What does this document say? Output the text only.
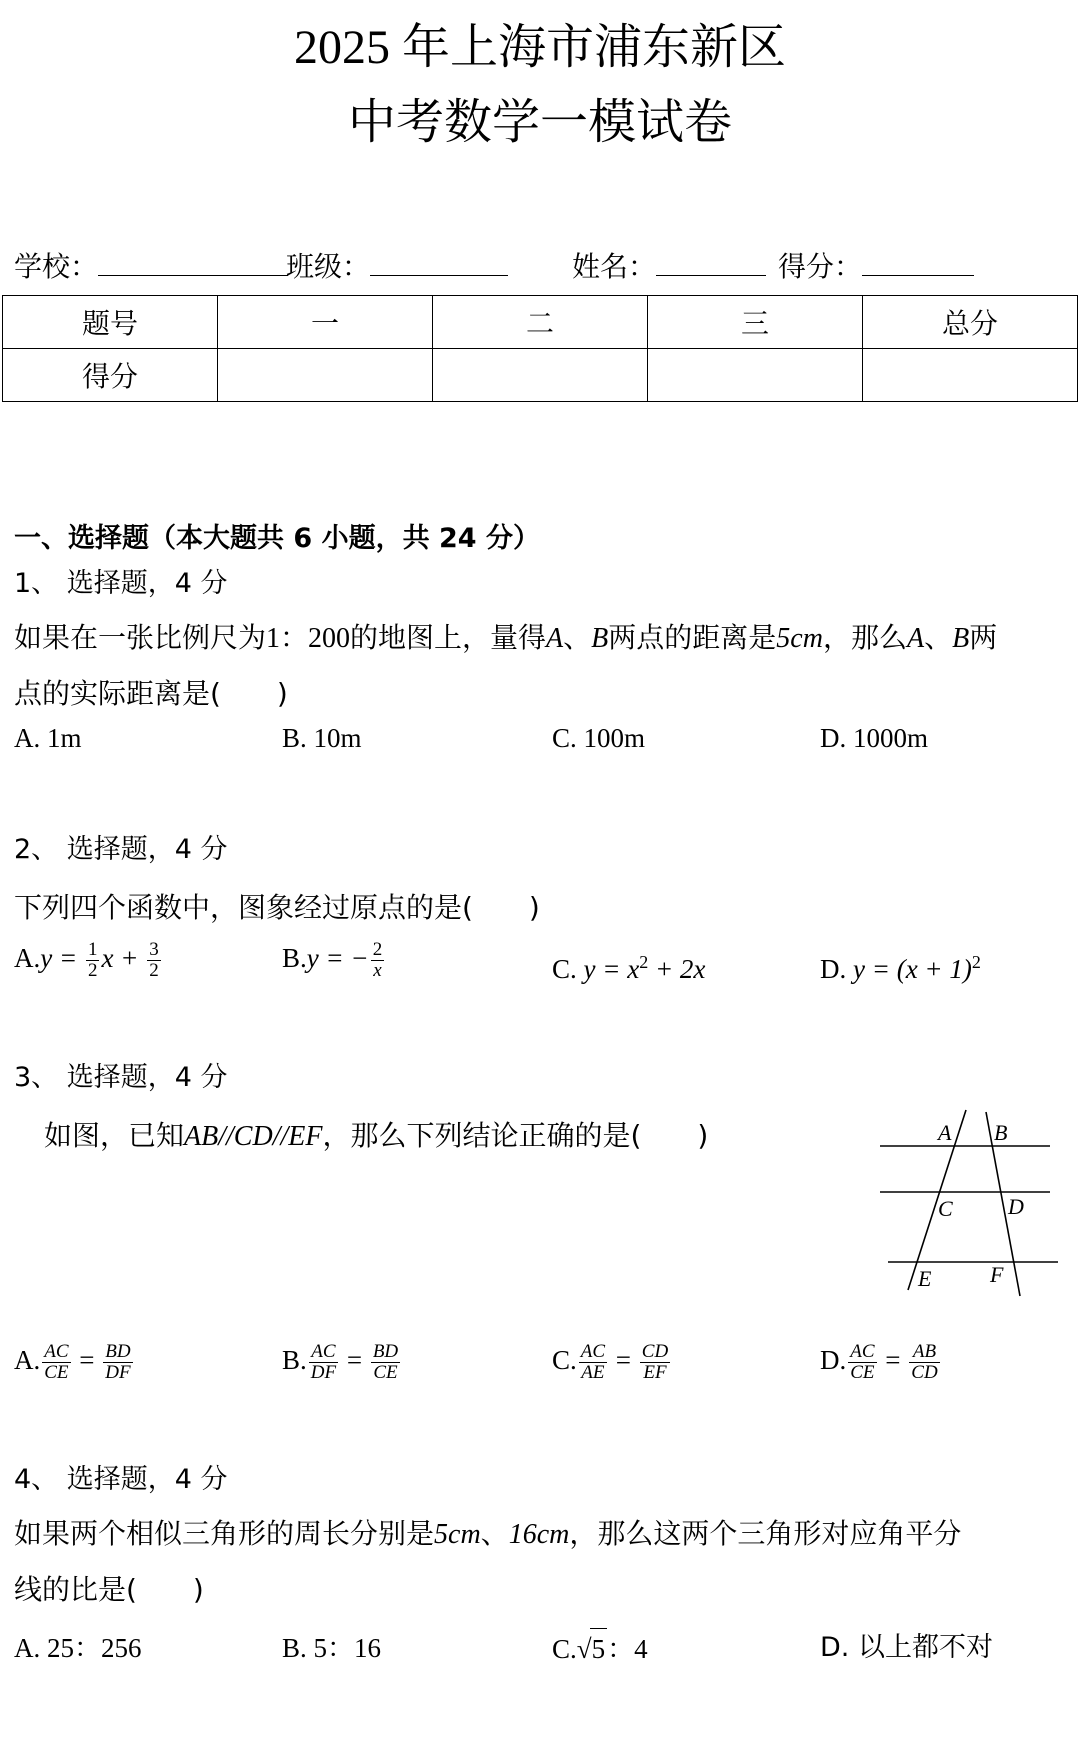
2025 年上海市浦东新区
中考数学一模试卷
学校：	班级：	姓名：	得分：
题号	一	二	三	总分
得分				
一、选择题（本大题共 6 小题，共 24 分）
1、 选择题，4 分
如果在一张比例尺为1：200的地图上，量得A、B两点的距离是5cm，那么A、B两
点的实际距离是(　　)
A. 1m	B. 10m	C. 100m	D. 1000m
2、 选择题，4 分
下列四个函数中，图象经过原点的是(　　)
$A.y = \frac{1}{2}$ $x + \frac{3}{2}$	B.y = − $\frac{2}{x}$	C. $y = x^2 + 2x$	D. $y = (x + 1)^2$
3、 选择题，4 分
如图，已知AB//CD//EF，那么下列结论正确的是(　　)	A B
C	D
E	F
A. $\frac{AC}{CE} = \frac{BD}{DF}$	B. $\frac{AC}{DF} = \frac{BD}{CE}$	C. $\frac{AC}{AE} = \frac{CD}{EF}$	D. $\frac{AC}{CE} = \frac{AB}{CD}$
4、 选择题，4 分
如果两个相似三角形的周长分别是5cm、16cm，那么这两个三角形对应角平分
线的比是(　　)
A. 25：256	B. 5：16	C.√5：4	D. 以上都不对
